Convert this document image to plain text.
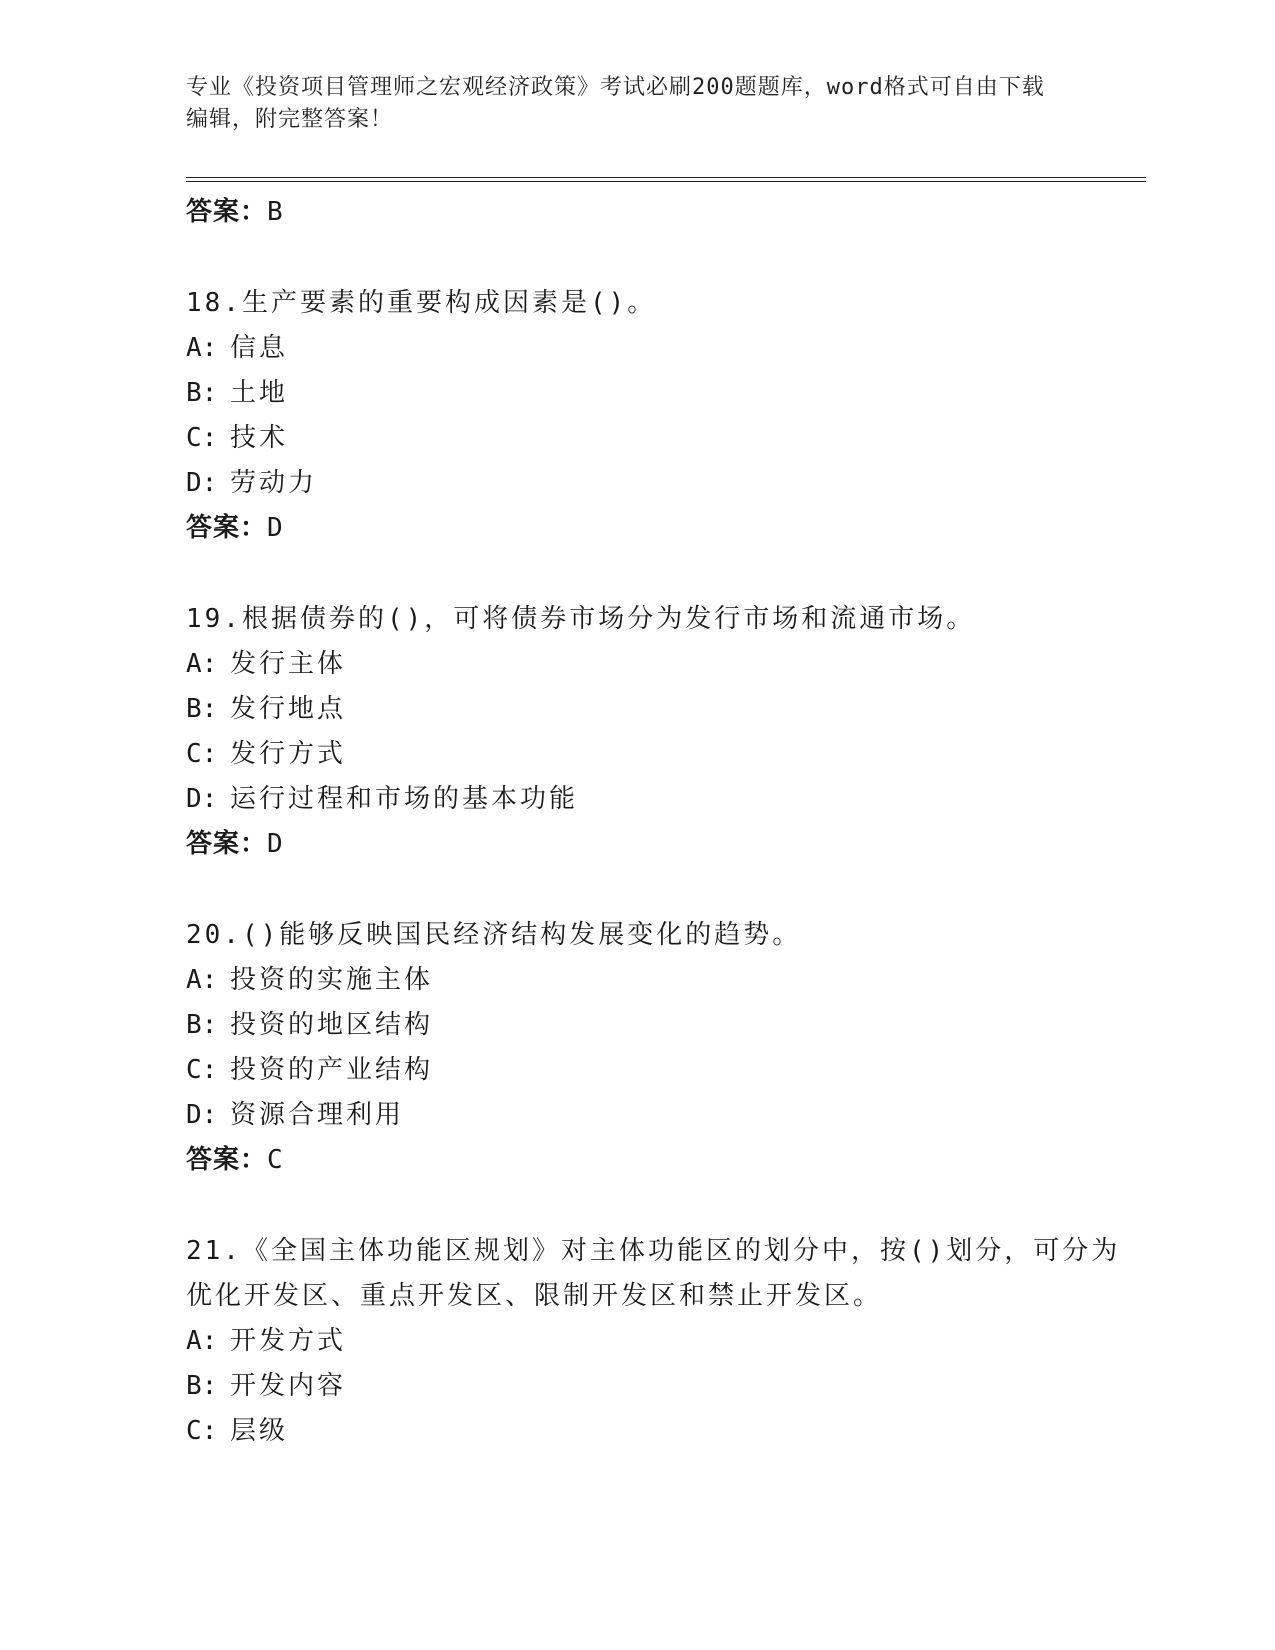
专业《投资项目管理师之宏观经济政策》考试必刷200题题库，word格式可自由下载编辑，附完整答案！
答案：B
18.生产要素的重要构成因素是()。
A: 信息
B: 土地
C: 技术
D: 劳动力
答案：D
19.根据债券的()，可将债券市场分为发行市场和流通市场。
A: 发行主体
B: 发行地点
C: 发行方式
D: 运行过程和市场的基本功能
答案：D
20.()能够反映国民经济结构发展变化的趋势。
A: 投资的实施主体
B: 投资的地区结构
C: 投资的产业结构
D: 资源合理利用
答案：C
21.《全国主体功能区规划》对主体功能区的划分中，按()划分，可分为优化开发区、重点开发区、限制开发区和禁止开发区。
A: 开发方式
B: 开发内容
C: 层级
